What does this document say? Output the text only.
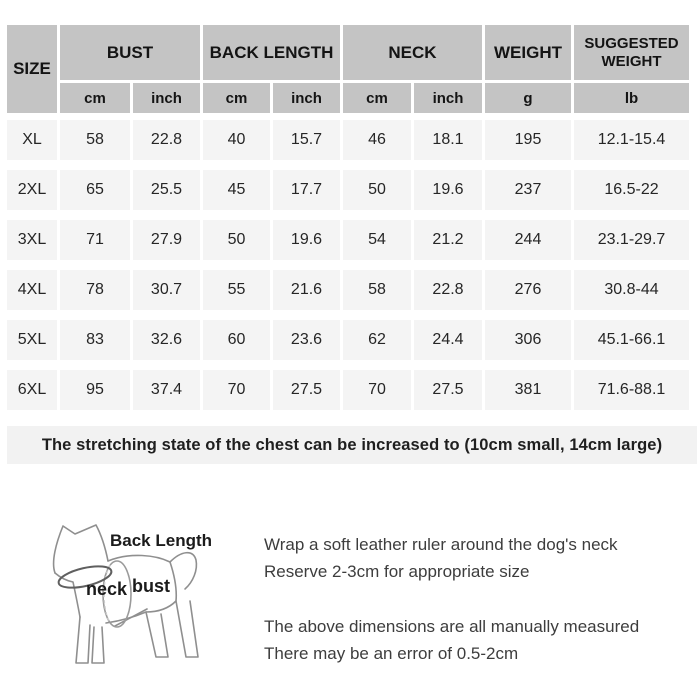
SIZE
BUST	BACK LENGTH	NECK	WEIGHT	SUGGESTED WEIGHT
cm	inch	cm	inch	cm	inch	g	lb
XL	58	22.8	40	15.7	46	18.1	195	12.1-15.4
2XL	65	25.5	45	17.7	50	19.6	237	16.5-22
3XL	71	27.9	50	19.6	54	21.2	244	23.1-29.7
4XL	78	30.7	55	21.6	58	22.8	276	30.8-44
5XL	83	32.6	60	23.6	62	24.4	306	45.1-66.1
6XL	95	37.4	70	27.5	70	27.5	381	71.6-88.1
The stretching state of the chest can be increased to (10cm small, 14cm large)
Back Length
neck bust

Wrap a soft leather ruler around the dog's neck

Reserve 2-3cm for appropriate size

The above dimensions are all manually measured

There may be an error of 0.5-2cm
